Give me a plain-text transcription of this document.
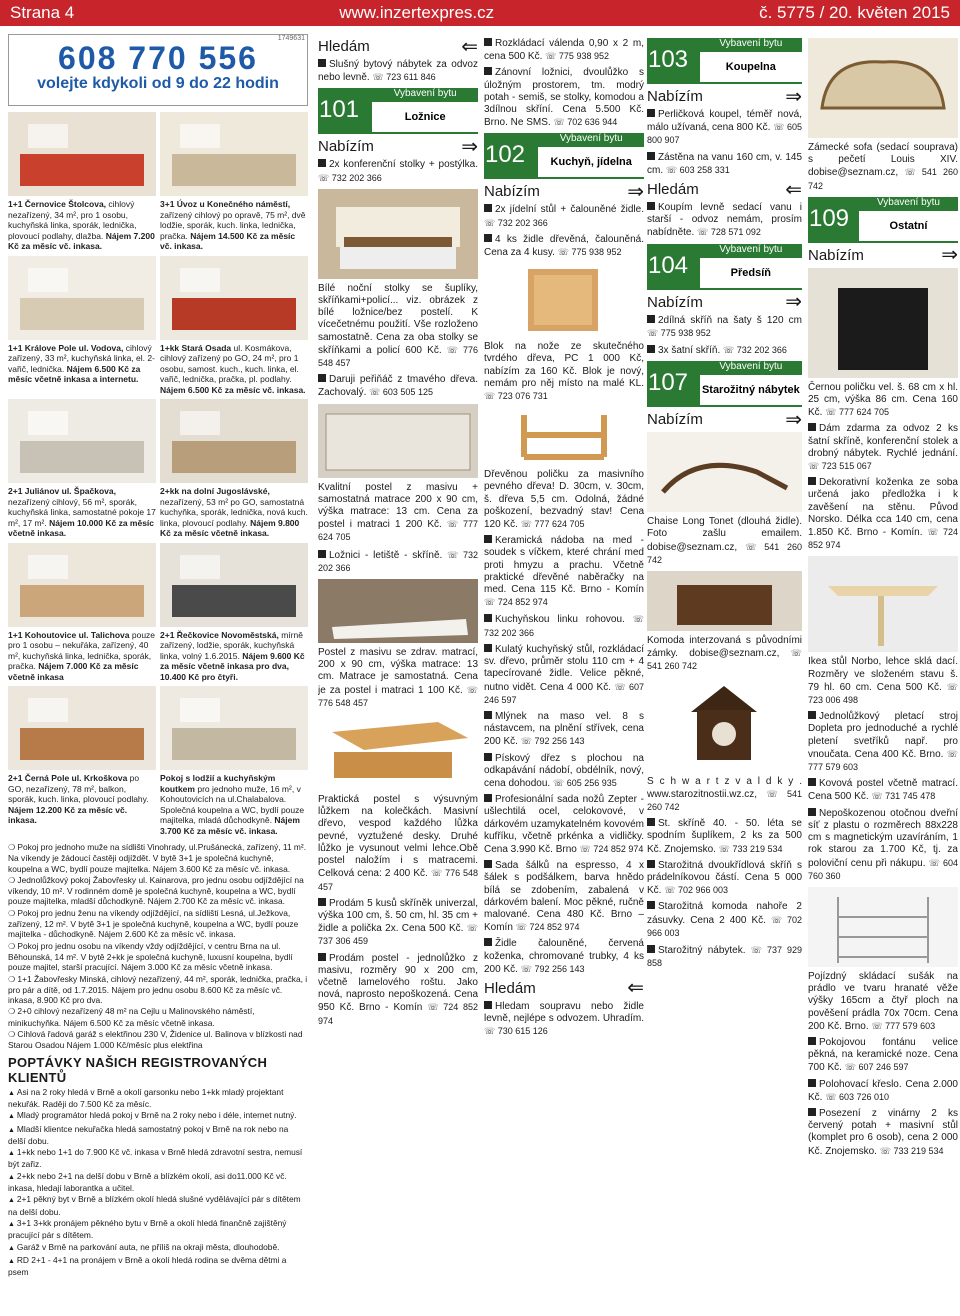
Strana 4	www.inzertexpres.cz	č. 5775 / 20. květen 2015
1749631
608 770 556
volejte kdykoli od 9 do 22 hodin
1+1 Černovice Štolcova, cihlový nezařízený, 34 m², pro 1 osobu, kuchyňská linka, sporák, lednička, plovoucí podlahy, dlažba. Nájem 7.200 Kč za měsíc vč. inkasa.
3+1 Úvoz u Konečného náměstí, zařízený cihlový po opravě, 75 m², dvě lodžie, sporák, kuch. linka, lednička, pračka. Nájem 14.500 Kč za měsíc vč. inkasa.
1+1 Králove Pole ul. Vodova, cihlový zařízený, 33 m², kuchyňská linka, el. 2-vařič, lednička. Nájem 6.500 Kč za měsíc včetně inkasa a internetu.
1+kk Stará Osada ul. Kosmákova, cihlový zařízený po GO, 24 m², pro 1 osobu, samost. kuch., kuch. linka, el. vařič, lednička, pračka, pl. podlahy. Nájem 6.500 Kč za měsíc vč. inkasa.
2+1 Juliánov ul. Špačkova, nezařízený cihlový, 56 m², sporák, kuchyňská linka, samostatné pokoje 17 m², 17 m². Nájem 10.000 Kč za měsíc včetně inkasa.
2+kk na dolní Jugoslávské, nezařízený, 53 m² po GO, samostatná kuchyňka, sporák, lednička, nová kuch. linka, plovoucí podlahy. Nájem 9.800 Kč za měsíc včetně inkasa.
1+1 Kohoutovice ul. Talichova pouze pro 1 osobu – nekuřáka, zařízený, 40 m², kuchyňská linka, lednička, sporák, pračka. Nájem 7.000 Kč za měsíc včetně inkasa
2+1 Řečkovice Novoměstská, mírně zařízený, lodžie, sporák, kuchyňská linka, volný 1.6.2015. Nájem 9.600 Kč za měsíc včetně inkasa pro dva, 10.400 Kč pro čtyři.
2+1 Černá Pole ul. Krkoškova po GO, nezařízený, 78 m², balkon, sporák, kuch. linka, plovoucí podlahy. Nájem 12.200 Kč za měsíc vč. inkasa.
Pokoj s lodžií a kuchyňským koutkem pro jednoho muže, 16 m², v Kohoutovicích na ul.Chalabalova. Společná koupelna a WC, bydlí pouze majitelka, mladá důchodkyně. Nájem 3.700 Kč za měsíc vč. inkasa.
❍ Pokoj pro jednoho muže na sídlišti Vinohrady, ul.Prušánecká, zařízený, 11 m². Na víkendy je žádoucí častěji odjíždět. V bytě 3+1 je společná kuchyně, koupelna a WC, bydlí pouze majitelka. Nájem 3.600 Kč za měsíc vč. inkasa.
❍ Jednolůžkový pokoj Žabovřesky ul. Kainarova, pro jednu osobu odjíždějící na víkendy, 10 m². V rodinném domě je společná kuchyně, koupelna a WC, bydlí pouze majitelka, mladší důchodkyně. Nájem 2.700 Kč za měsíc vč. inkasa.
❍ Pokoj pro jednu ženu na víkendy odjíždějící, na sídlišti Lesná, ul.Ježkova, zařízený, 12 m². V bytě 3+1 je společná kuchyně, koupelna a WC, bydlí pouze majitelka - důchodkyně. Nájem 2.600 Kč za měsíc vč. inkasa.
❍ Pokoj pro jednu osobu na víkendy vždy odjíždějící, v centru Brna na ul. Běhounská, 14 m². V bytě 2+kk je společná kuchyně, luxusní koupelna, bydlí pouze majitel, starší pracující. Nájem 3.000 Kč za měsíc včetně inkasa.
❍ 1+1 Žabovřesky Minská, cihlový nezařízený, 44 m², sporák, lednička, pračka, i pro pár a dítě, od 1.7.2015. Nájem pro jednu osobu 8.600 Kč za měsíc vč. inkasa, 8.900 Kč pro dva.
❍ 2+0 cihlový nezařízený 48 m² na Cejlu u Malinovského náměstí, minikuchyňka. Nájem 6.500 Kč za měsíc včetně inkasa.
❍ Cihlová řadová garáž s elektřinou 230 V, Židenice ul. Balinova v blízkosti nad Starou Osadou Nájem 1.000 Kč/měsíc plus elektřina
POPTÁVKY NAŠICH REGISTROVANÝCH KLIENTŮ
▲ Asi na 2 roky hledá v Brně a okolí garsonku nebo 1+kk mladý projektant nekuřák. Raději do 7.500 Kč za měsíc.
▲ Mladý programátor hledá pokoj v Brně na 2 roky nebo i déle, internet nutný.
▲ Mladší klientce nekuřačka hledá samostatný pokoj v Brně na rok nebo na delší dobu.
▲ 1+kk nebo 1+1 do 7.900 Kč vč. inkasa v Brně hledá zdravotní sestra, nemusí být zařiz.
▲ 2+kk nebo 2+1 na delší dobu v Brně a blízkém okolí, asi do11.000 Kč vč. inkasa, hledají laborantka a učitel.
▲ 2+1 pěkný byt v Brně a blízkém okolí hledá slušné vydělávající pár s dítětem na delší dobu.
▲ 3+1 3+kk pronájem pěkného bytu v Brně a okolí hledá finančně zajištěný pracující pár s dítětem.
▲ Garáž v Brně na parkování auta, ne příliš na okraji města, dlouhodobě.
▲ RD 2+1 - 4+1 na pronájem v Brně a okolí hledá rodina se dvěma dětmi a psem
Hledám	⇐

Slušný bytový nábytek za odvoz nebo levně. ☏ 723 611 846

Vybavení bytu
101	Ložnice
Nabízím	⇒

2x konferenční stolky + postýlka. ☏ 732 202 366

Bílé noční stolky se šuplíky, skříňkami+policí... viz. obrázek z bílé ložnice/bez postelí. K vícečetnému použití. Vše rozloženo samostatně. Cena za oba stolky se skříňkami a policí 600 Kč. ☏ 776 548 457

Daruji peřiňáč z tmavého dřeva. Zachovalý. ☏ 603 505 125

Kvalitní postel z masivu + samostatná matrace 200 x 90 cm, výška matrace: 13 cm. Cena za postel i matraci 1 200 Kč. ☏ 777 624 705

Ložnici - letiště - skříně. ☏ 732 202 366

Postel z masivu se zdrav. matrací, 200 x 90 cm, výška matrace: 13 cm. Matrace je samostatná. Cena je za postel i matraci 1 100 Kč. ☏ 776 548 457

Praktická postel s výsuvným lůžkem na kolečkách. Masivní dřevo, vespod každého lůžka pevné, vyztužené desky. Druhé lůžko je vysunout velmi lehce.Obě postel naložím i s matracemi. Celková cena: 2 400 Kč. ☏ 776 548 457

Prodám 5 kusů skříněk univerzal, výška 100 cm, š. 50 cm, hl. 35 cm + židle a polička 2x. Cena 500 Kč. ☏ 737 306 459

Prodám postel - jednolůžko z masivu, rozměry 90 x 200 cm, včetně lamelového roštu. Jako nová, naprosto nepoškozená. Cena 950 Kč. Brno - Komín ☏ 724 852 974

Rozkládací válenda 0,90 x 2 m, cena 500 Kč. ☏ 775 938 952

Zánovní ložnici, dvoulůžko s úložným prostorem, tm. modrý potah - semiš, se stolky, komodou a 3dílnou skříní. Cena 5.500 Kč. Brno. Ne SMS. ☏ 702 636 944

Vybavení bytu
102	Kuchyň, jídelna
Nabízím	⇒

2x jídelní stůl + čalouněné židle. ☏ 732 202 366

4 ks židle dřevěná, čalouněná. Cena za 4 kusy. ☏ 775 938 952

Blok na nože ze skutečného tvrdého dřeva, PC 1 000 Kč, nabízím za 160 Kč. Blok je nový, nemám pro něj místo na malé KL. ☏ 723 076 731

Dřevěnou poličku za masivního pevného dřeva! D. 30cm, v. 30cm, š. dřeva 5,5 cm. Odolná, žádné poškození, bezvadný stav! Cena 120 Kč. ☏ 777 624 705

Keramická nádoba na med - soudek s víčkem, které chrání med proti hmyzu a prachu. Včetně praktické dřevěné naběračky na med. Cena 115 Kč. Brno - Komín ☏ 724 852 974

Kuchyňskou linku rohovou. ☏ 732 202 366

Kulatý kuchyňský stůl, rozkládací sv. dřevo, průměr stolu 110 cm + 4 tapecírované židle. Velice pěkné, nutno vidět. Cena 4 000 Kč. ☏ 607 246 597

Mlýnek na maso vel. 8 s nástavcem, na plnění střívek, cena 200 Kč. ☏ 792 256 143

Pískový dřez s plochou na odkapávání nádobí, obdélník, nový, cena dohodou. ☏ 605 256 935

Profesionální sada nožů Zepter - ušlechtilá ocel, celokovové, v dárkovém uzamykatelném kovovém kufříku, včetně prkénka a vidličky. Cena 3.990 Kč. Brno ☏ 724 852 974

Sada šálků na espresso, 4 x šálek s podšálkem, barva hnědo bílá se zdobením, zabalená v dárkovém balení. Moc pěkné, ručně malované. Cena 480 Kč. Brno – Komín ☏ 724 852 974

Židle čalouněné, červená koženka, chromované trubky, 4 ks 200 Kč. ☏ 792 256 143

Hledám	⇐

Hledam soupravu nebo židle levně, nejlépe s odvozem. Uhradím. ☏ 730 615 126

Vybavení bytu
103	Koupelna
Nabízím	⇒

Perličková koupel, téměř nová, málo užívaná, cena 800 Kč. ☏ 605 800 907

Zástěna na vanu 160 cm, v. 145 cm. ☏ 603 258 331

Hledám	⇐

Koupím levně sedací vanu i starší - odvoz nemám, prosím nabídněte. ☏ 728 571 092

Vybavení bytu
104	Předsíň
Nabízím	⇒

2dílná skříň na šaty š 120 cm ☏ 775 938 952

3x šatní skříň. ☏ 732 202 366

Vybavení bytu
107 Starožitný nábytek
Nabízím	⇒

Chaise Long Tonet (dlouhá židle). Foto zašlu emailem. dobise@seznam.cz, ☏ 541 260 742

Komoda interzovaná s původními zámky. dobise@seznam.cz, ☏ 541 260 742

S c h w a r t z v a l d k y . www.starozitnostii.wz.cz, ☏ 541 260 742

St. skříně 40. - 50. léta se spodním šuplíkem, 2 ks za 500 Kč. Znojemsko. ☏ 733 219 534

Starožitná dvoukřídlová skříň s prádelníkovou částí. Cena 5 000 Kč. ☏ 702 966 003

Starožitná komoda nahoře 2 zásuvky. Cena 2 400 Kč. ☏ 702 966 003

Starožitný nábytek. ☏ 737 929 858

Zámecké sofa (sedací souprava) s pečetí Louis XIV. dobise@seznam.cz, ☏ 541 260 742

Vybavení bytu
109	Ostatní
Nabízím	⇒

Černou poličku vel. š. 68 cm x hl. 25 cm, výška 86 cm. Cena 160 Kč. ☏ 777 624 705

Dám zdarma za odvoz 2 ks šatní skříně, konferenční stolek a drobný nábytek. Rychlé jednání. ☏ 723 515 067

Dekorativní koženka ze soba určená jako předložka i k zavěšení na stěnu. Původ Norsko. Délka cca 140 cm, cena 1.850 Kč. Brno - Komín. ☏ 724 852 974

Ikea stůl Norbo, lehce sklá dací. Rozměry ve složeném stavu š. 79 hl. 60 cm. Cena 500 Kč. ☏ 723 006 498

Jednolůžkový pletací stroj Dopleta pro jednoduché a rychlé pletení svetříků např. pro vnoučata. Cena 400 Kč. Brno. ☏ 777 579 603

Kovová postel včetně matrací. Cena 500 Kč. ☏ 731 745 478

Nepoškozenou otočnou dveřní síť z plastu o rozměrech 88x228 cm s magnetickým uzavíráním, 1 rok starou za 1.700 Kč, tj. za poloviční cenu při nákupu. ☏ 604 760 360

Pojízdný skládací sušák na prádlo ve tvaru hranaté věže výšky 165cm a čtyř ploch na pověšení prádla 70x 70cm. Cena 200 Kč. Brno. ☏ 777 579 603

Pokojovou fontánu velice pěkná, na keramické noze. Cena 700 Kč. ☏ 607 246 597

Polohovací křeslo. Cena 2.000 Kč. ☏ 603 726 010

Posezení z vinárny 2 ks červený potah + masivní stůl (komplet pro 6 osob), cena 2 000 Kč. Znojemsko. ☏ 733 219 534
